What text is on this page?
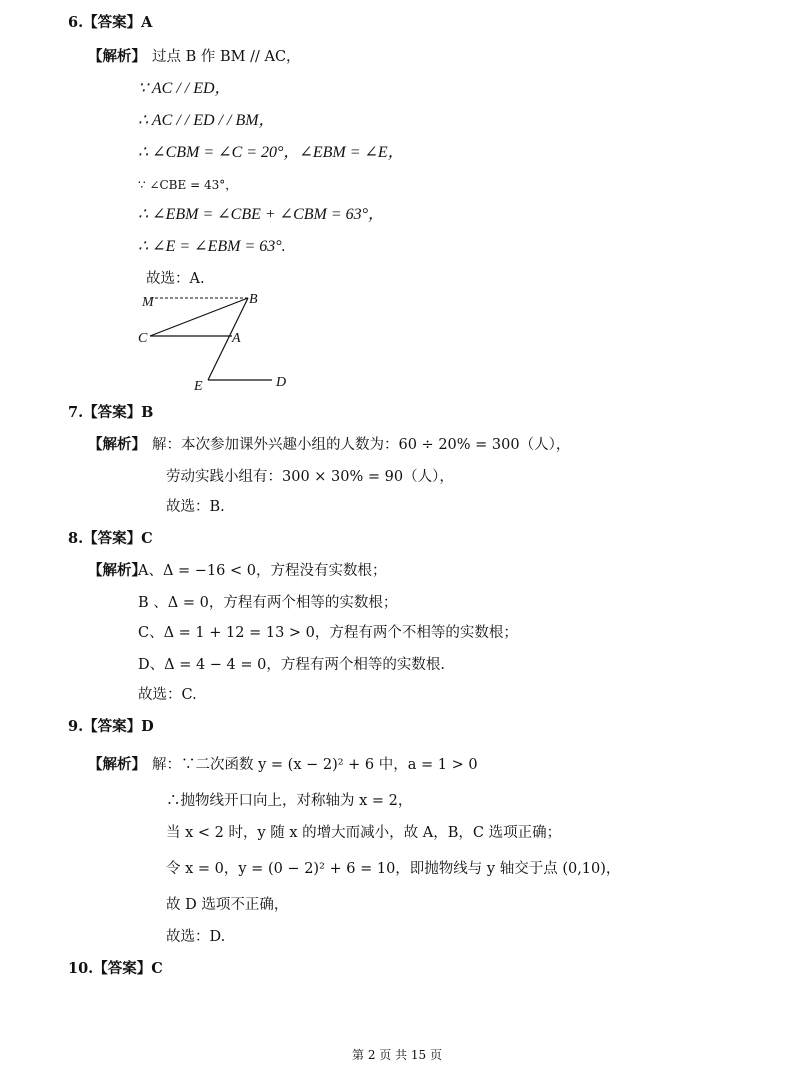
6.【答案】A
【解析】 过点 B 作 BM // AC，
∵ AC / / ED，
∴ AC / / ED / / BM，
∴ ∠CBM = ∠C = 20°，∠EBM = ∠E，
∵ ∠CBE = 43°，
∴ ∠EBM = ∠CBE + ∠CBM = 63°，
∴ ∠E = ∠EBM = 63°.
故选：A.
M	B
C	A
E	D
7.【答案】B
【解析】 解：本次参加课外兴趣小组的人数为：60 ÷ 20% = 300（人），
劳动实践小组有：300 × 30% = 90（人），
故选：B.
8.【答案】C
【解析】
A、Δ = −16 < 0，方程没有实数根；
B 、Δ = 0，方程有两个相等的实数根；
C、Δ = 1 + 12 = 13 > 0，方程有两个不相等的实数根；
D、Δ = 4 − 4 = 0，方程有两个相等的实数根.
故选：C.
9.【答案】D
【解析】 解：∵二次函数 y = (x − 2)² + 6 中，a = 1 > 0
∴抛物线开口向上，对称轴为 x = 2，
当 x < 2 时，y 随 x 的增大而减小，故 A，B，C 选项正确；
令 x = 0，y = (0 − 2)² + 6 = 10，即抛物线与 y 轴交于点 (0,10)，
故 D 选项不正确，
故选：D.
10.【答案】C
第 2 页 共 15 页
